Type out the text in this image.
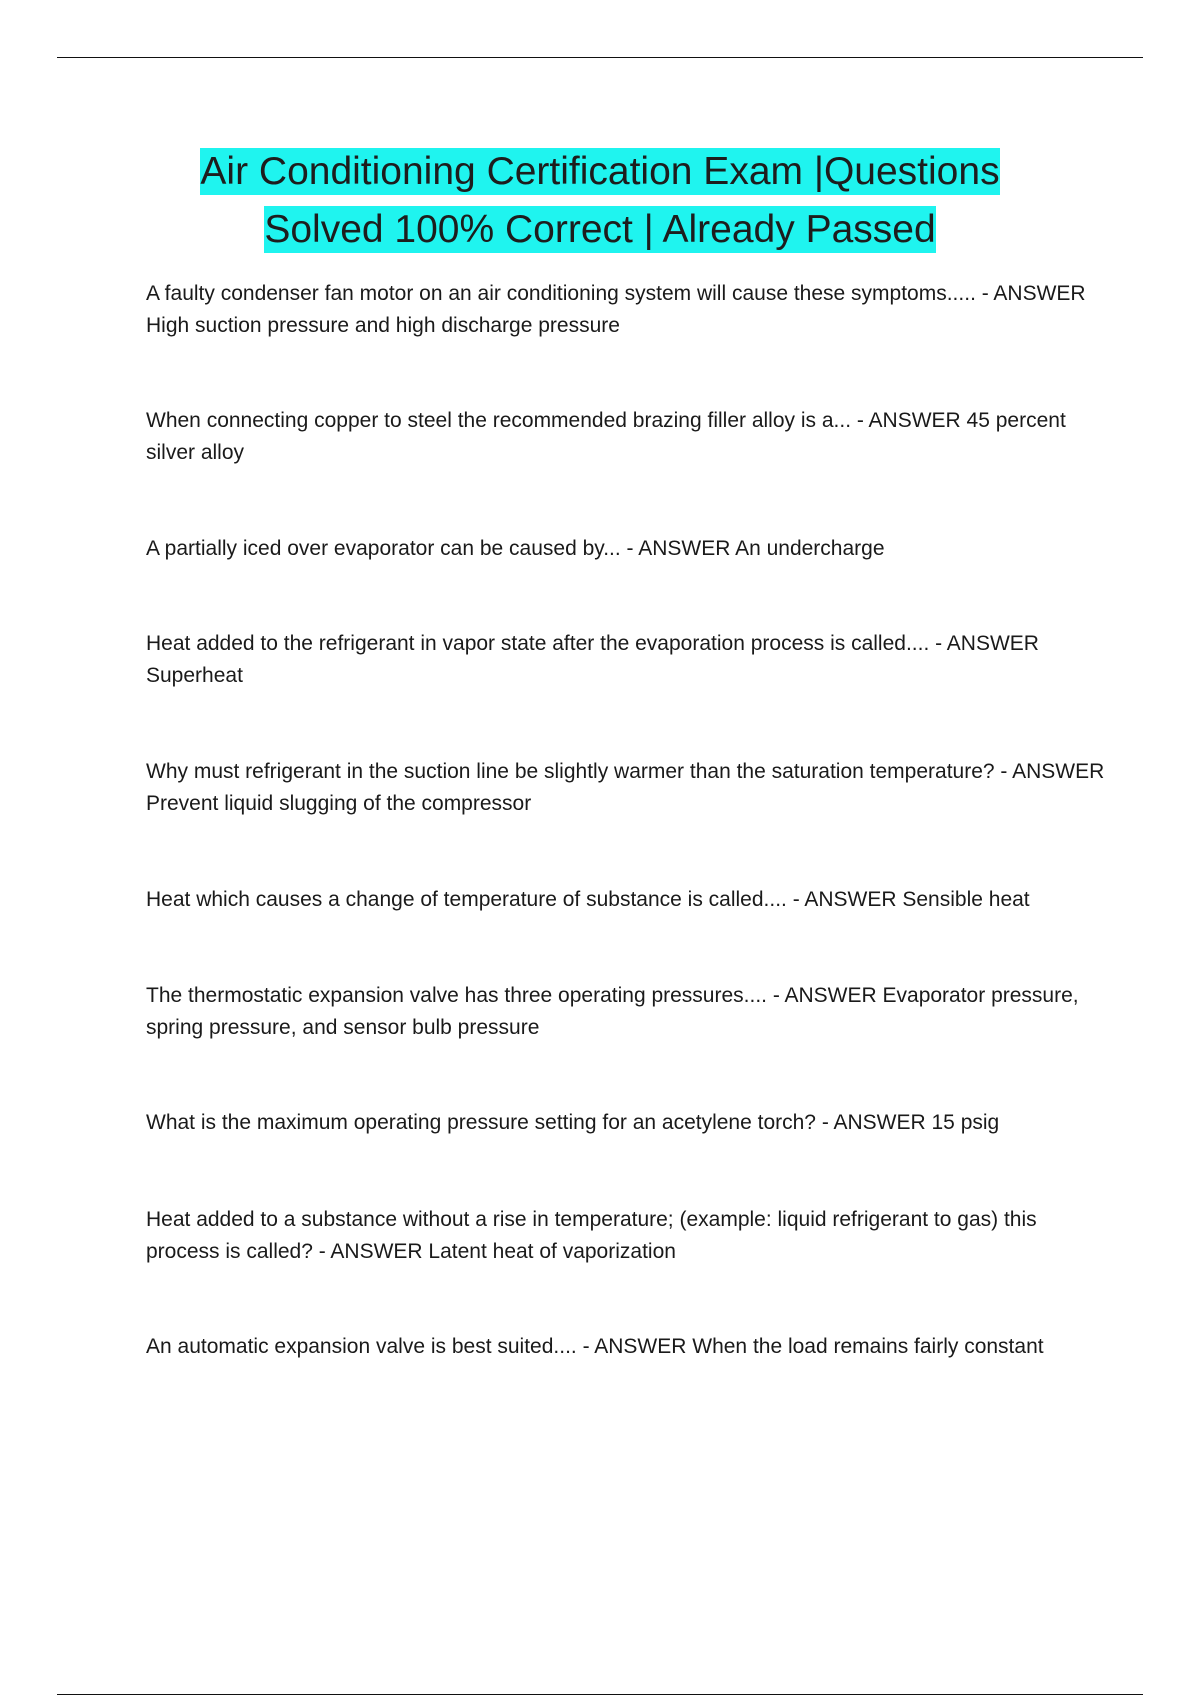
Air Conditioning Certification Exam |Questions
Solved 100% Correct | Already Passed
A faulty condenser fan motor on an air conditioning system will cause these symptoms..... - ANSWER High suction pressure and high discharge pressure
When connecting copper to steel the recommended brazing filler alloy is a... - ANSWER 45 percent silver alloy
A partially iced over evaporator can be caused by... - ANSWER An undercharge
Heat added to the refrigerant in vapor state after the evaporation process is called.... - ANSWER Superheat
Why must refrigerant in the suction line be slightly warmer than the saturation temperature? - ANSWER Prevent liquid slugging of the compressor
Heat which causes a change of temperature of substance is called.... - ANSWER Sensible heat
The thermostatic expansion valve has three operating pressures.... - ANSWER Evaporator pressure, spring pressure, and sensor bulb pressure
What is the maximum operating pressure setting for an acetylene torch? - ANSWER 15 psig
Heat added to a substance without a rise in temperature; (example: liquid refrigerant to gas) this process is called? - ANSWER Latent heat of vaporization
An automatic expansion valve is best suited.... - ANSWER When the load remains fairly constant
